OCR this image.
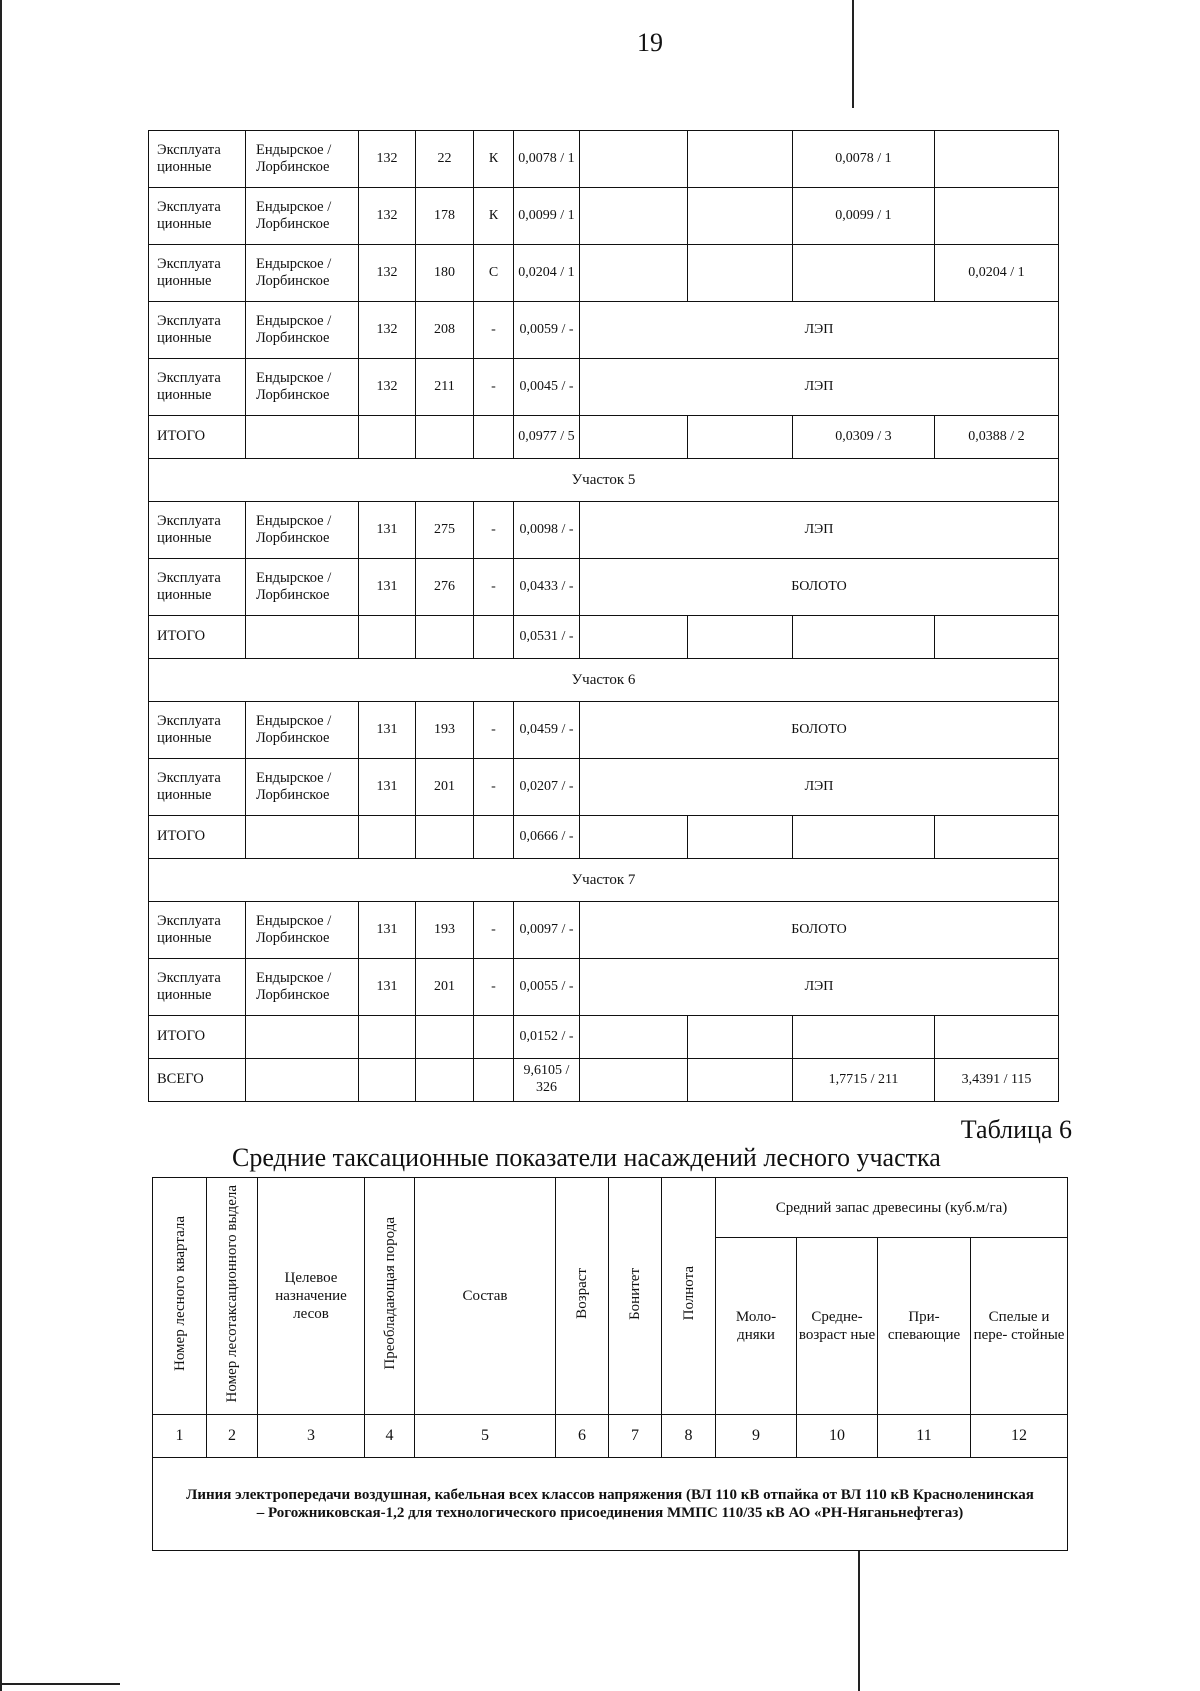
19
Эксплуата ционные	Ендырское / Лорбинское	132	22	К	0,0078 / 1			0,0078 / 1	
Эксплуата ционные	Ендырское / Лорбинское	132	178	К	0,0099 / 1			0,0099 / 1	
Эксплуата ционные	Ендырское / Лорбинское	132	180	С	0,0204 / 1				0,0204 / 1
Эксплуата ционные	Ендырское / Лорбинское	132	208	-	0,0059 / -	ЛЭП			
Эксплуата ционные	Ендырское / Лорбинское	132	211	-	0,0045 / -	ЛЭП			
ИТОГО					0,0977 / 5			0,0309 / 3	0,0388 / 2
Участок 5									
Эксплуата ционные	Ендырское / Лорбинское	131	275	-	0,0098 / -	ЛЭП			
Эксплуата ционные	Ендырское / Лорбинское	131	276	-	0,0433 / -	БОЛОТО			
ИТОГО					0,0531 / -				
Участок 6									
Эксплуата ционные	Ендырское / Лорбинское	131	193	-	0,0459 / -	БОЛОТО			
Эксплуата ционные	Ендырское / Лорбинское	131	201	-	0,0207 / -	ЛЭП			
ИТОГО					0,0666 / -				
Участок 7									
Эксплуата ционные	Ендырское / Лорбинское	131	193	-	0,0097 / -	БОЛОТО			
Эксплуата ционные	Ендырское / Лорбинское	131	201	-	0,0055 / -	ЛЭП			
ИТОГО					0,0152 / -				
ВСЕГО					9,6105 / 326			1,7715 / 211	3,4391 / 115
Таблица 6
Средние таксационные показатели насаждений лесного участка
Номер лесного квартала	Номер лесотаксационного выдела	Целевое назначение лесов	Преобладающая порода	Состав	Возраст	Бонитет	Полнота	Средний запас древесины (куб.м/га)			
								Моло- дняки	Средне- возраст ные	При- спевающие	Спелые и пере- стойные
1	2	3	4	5	6	7	8	9	10	11	12
Линия электропередачи воздушная, кабельная всех классов напряжения (ВЛ 110 кВ отпайка от ВЛ 110 кВ Красноленинская – Рогожниковская-1,2 для технологического присоединения ММПС 110/35 кВ АО «РН-Няганьнефтегаз)											
